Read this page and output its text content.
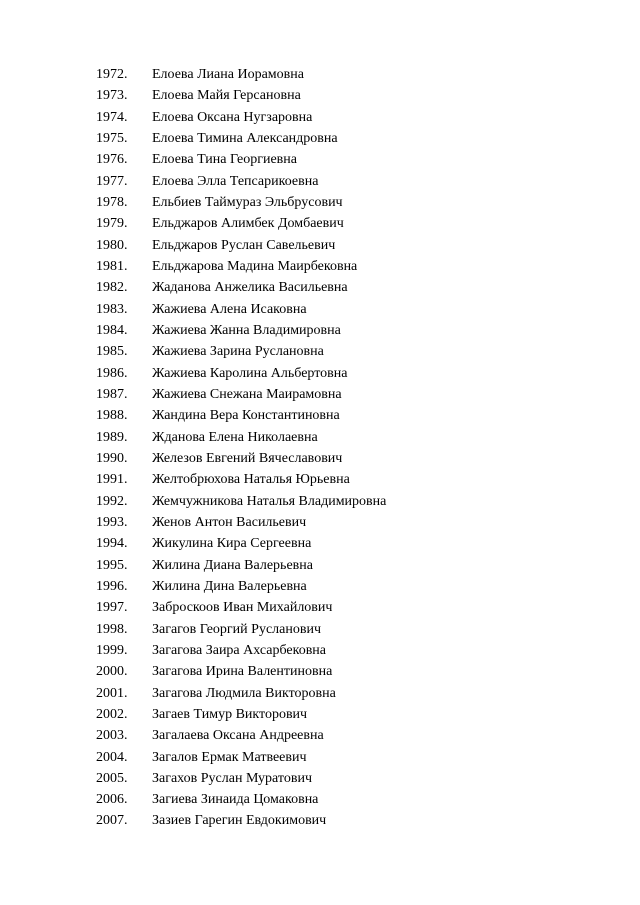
1972.	Елоева Лиана Иорамовна
1973.	Елоева Майя Герсановна
1974.	Елоева Оксана Нугзаровна
1975.	Елоева Тимина Александровна
1976.	Елоева Тина Георгиевна
1977.	Елоева Элла Тепсарикоевна
1978.	Ельбиев Таймураз Эльбрусович
1979.	Ельджаров Алимбек Домбаевич
1980.	Ельджаров Руслан Савельевич
1981.	Ельджарова Мадина Маирбековна
1982.	Жаданова Анжелика Васильевна
1983.	Жажиева Алена Исаковна
1984.	Жажиева Жанна Владимировна
1985.	Жажиева Зарина Руслановна
1986.	Жажиева Каролина Альбертовна
1987.	Жажиева Снежана Маирамовна
1988.	Жандина Вера Константиновна
1989.	Жданова Елена Николаевна
1990.	Железов Евгений Вячеславович
1991.	Желтобрюхова Наталья Юрьевна
1992.	Жемчужникова Наталья Владимировна
1993.	Женов Антон Васильевич
1994.	Жикулина Кира Сергеевна
1995.	Жилина Диана Валерьевна
1996.	Жилина Дина Валерьевна
1997.	Заброскоов Иван Михайлович
1998.	Загагов Георгий Русланович
1999.	Загагова Заира Ахсарбековна
2000.	Загагова Ирина Валентиновна
2001.	Загагова Людмила Викторовна
2002.	Загаев Тимур Викторович
2003.	Загалаева Оксана Андреевна
2004.	Загалов Ермак Матвеевич
2005.	Загахов Руслан Муратович
2006.	Загиева Зинаида Цомаковна
2007.	Зазиев Гарегин Евдокимович
